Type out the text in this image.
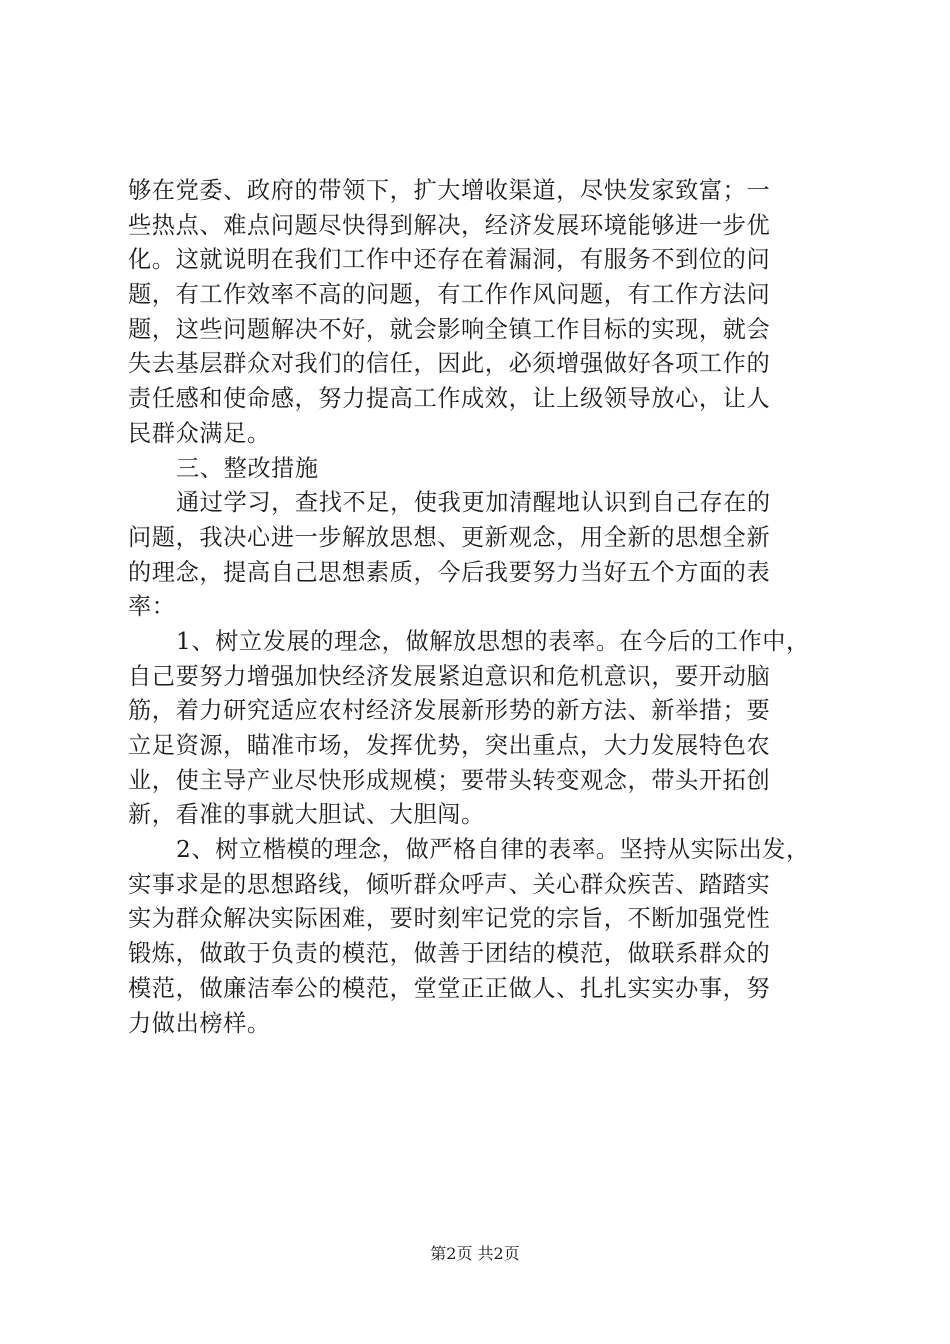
够在党委、政府的带领下，扩大增收渠道，尽快发家致富；一
些热点、难点问题尽快得到解决，经济发展环境能够进一步优
化。这就说明在我们工作中还存在着漏洞，有服务不到位的问
题，有工作效率不高的问题，有工作作风问题，有工作方法问
题，这些问题解决不好，就会影响全镇工作目标的实现，就会
失去基层群众对我们的信任，因此，必须增强做好各项工作的
责任感和使命感，努力提高工作成效，让上级领导放心，让人
民群众满足。
三、整改措施
通过学习，查找不足，使我更加清醒地认识到自己存在的
问题，我决心进一步解放思想、更新观念，用全新的思想全新
的理念，提高自己思想素质，今后我要努力当好五个方面的表
率：
1、树立发展的理念，做解放思想的表率。在今后的工作中，
自己要努力增强加快经济发展紧迫意识和危机意识，要开动脑
筋，着力研究适应农村经济发展新形势的新方法、新举措；要
立足资源，瞄准市场，发挥优势，突出重点，大力发展特色农
业，使主导产业尽快形成规模；要带头转变观念，带头开拓创
新，看准的事就大胆试、大胆闯。
2、树立楷模的理念，做严格自律的表率。坚持从实际出发，
实事求是的思想路线，倾听群众呼声、关心群众疾苦、踏踏实
实为群众解决实际困难，要时刻牢记党的宗旨，不断加强党性
锻炼，做敢于负责的模范，做善于团结的模范，做联系群众的
模范，做廉洁奉公的模范，堂堂正正做人、扎扎实实办事，努
力做出榜样。
第2页 共2页
